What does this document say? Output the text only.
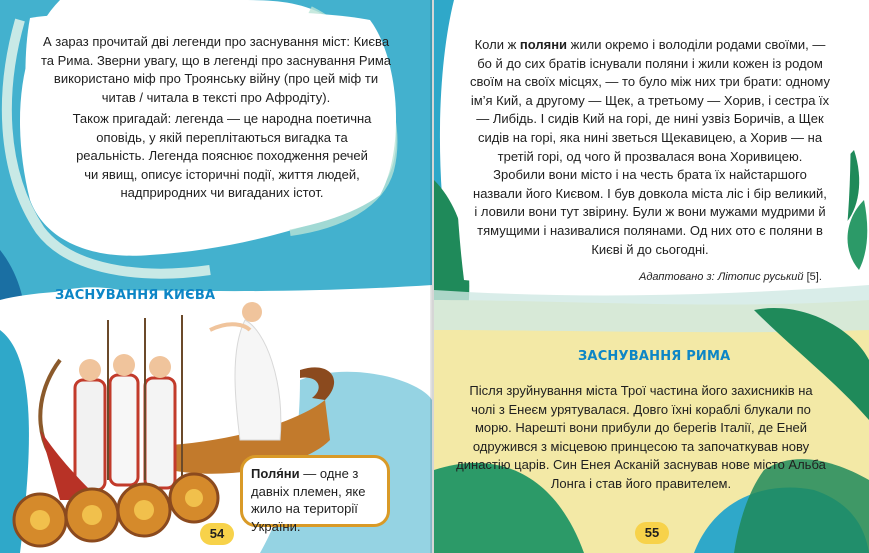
А зараз прочитай дві легенди про заснування міст: Києва та Рима. Зверни увагу, що в легенді про заснування Рима використано міф про Троянську війну (про цей міф ти читав / читала в тексті про Афродіту).
Також пригадай: легенда — це народна поетична оповідь, у якій переплітаються вигадка та реальність. Легенда пояснює походження речей чи явищ, описує історичні події, життя людей, надприродних чи вигаданих істот.
ЗАСНУВАННЯ КИЄВА
Поля́ни — одне з давніх племен, яке жило на території України.
54
Коли ж поляни жили окремо і володіли родами своїми, — бо й до сих братів існували поляни і жили кожен із родом своїм на своїх місцях, — то було між них три брати: одному ім’я Кий, а другому — Щек, а третьому — Хорив, і сестра їх — Либідь. І сидів Кий на горі, де нині узвіз Боричів, а Щек сидів на горі, яка нині зветься Щекавицею, а Хорив — на третій горі, од чого й прозвалася вона Хоривицею. Зробили вони місто і на честь брата їх найстаршого назвали його Києвом. І був довкола міста ліс і бір великий, і ловили вони тут звірину. Були ж вони мужами мудрими й тямущими і називалися полянами. Од них ото є поляни в Києві й до сьогодні.
Адаптовано з: Літопис руський [5].
ЗАСНУВАННЯ РИМА
Після зруйнування міста Трої частина його захисників на чолі з Енеєм урятувалася. Довго їхні кораблі блукали по морю. Нарешті вони прибули до берегів Італії, де Еней одружився з місцевою принцесою та започаткував нову династію царів. Син Енея Асканій заснував нове місто Альба Лонга і став його правителем.
55
